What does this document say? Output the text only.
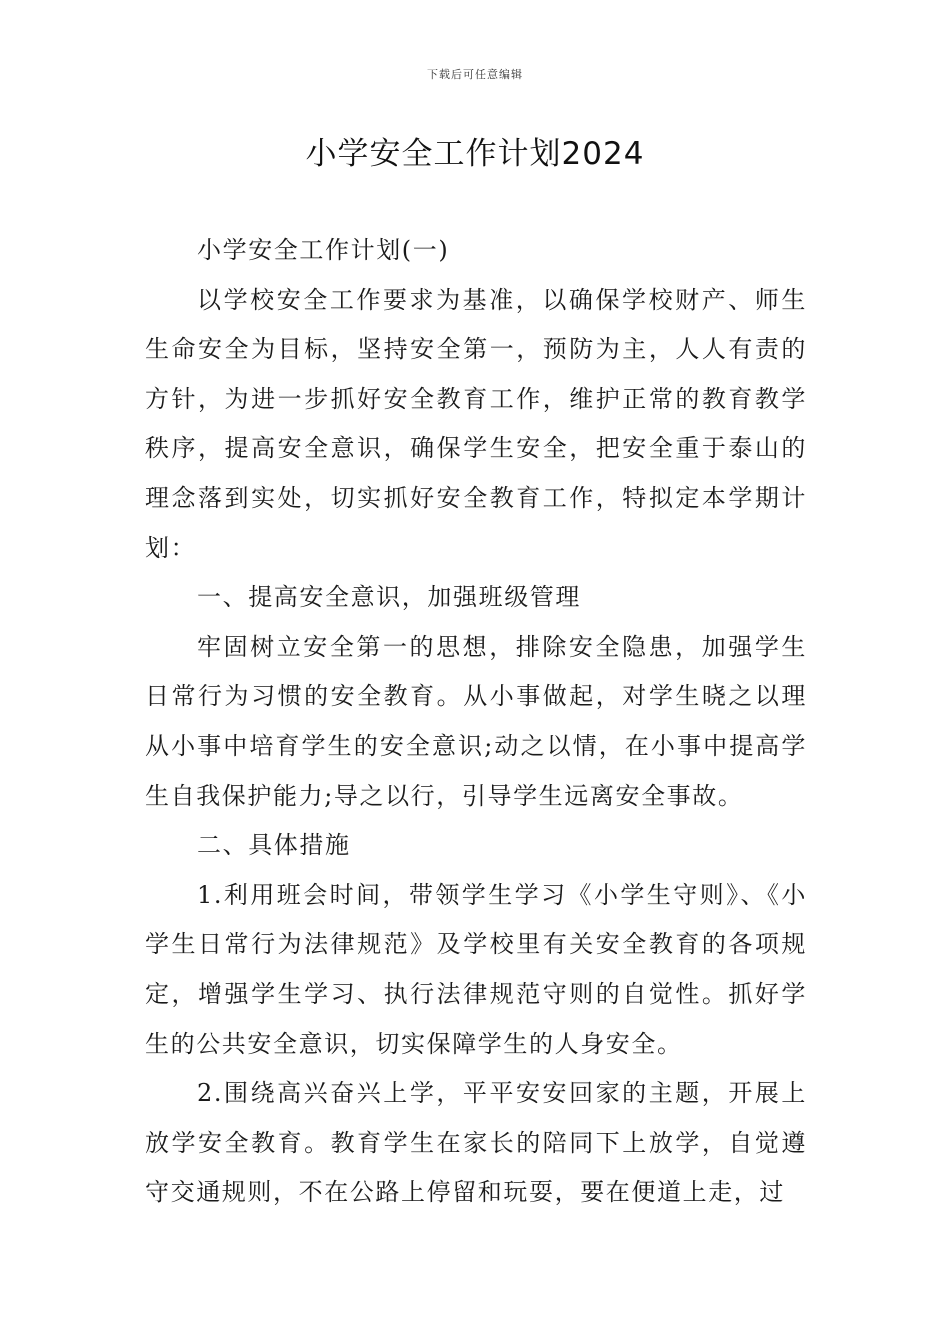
下载后可任意编辑
小学安全工作计划2024

小学安全工作计划(一)

以学校安全工作要求为基准，以确保学校财产、师生生命安全为目标，坚持安全第一，预防为主，人人有责的方针，为进一步抓好安全教育工作，维护正常的教育教学秩序，提高安全意识，确保学生安全，把安全重于泰山的理念落到实处，切实抓好安全教育工作，特拟定本学期计划：

一、提高安全意识，加强班级管理

牢固树立安全第一的思想，排除安全隐患，加强学生日常行为习惯的安全教育。从小事做起，对学生晓之以理从小事中培育学生的安全意识;动之以情，在小事中提高学生自我保护能力;导之以行，引导学生远离安全事故。

二、具体措施

1.利用班会时间，带领学生学习《小学生守则》、《小学生日常行为法律规范》及学校里有关安全教育的各项规定，增强学生学习、执行法律规范守则的自觉性。抓好学生的公共安全意识，切实保障学生的人身安全。

2.围绕高兴奋兴上学，平平安安回家的主题，开展上放学安全教育。教育学生在家长的陪同下上放学，自觉遵守交通规则，不在公路上停留和玩耍，要在便道上走，过
